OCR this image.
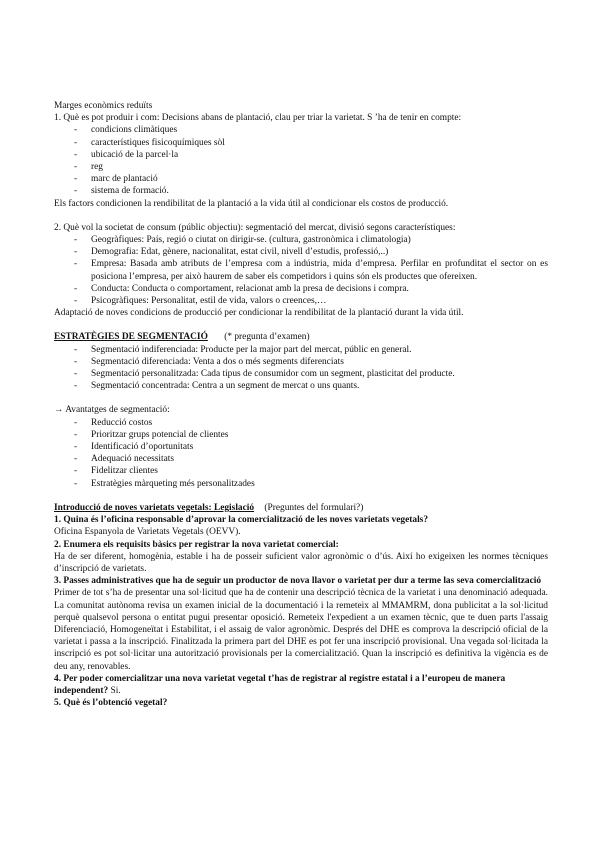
Marges econòmics reduïts

1. Què es pot produir i com: Decisions abans de plantació, clau per triar la varietat. S ’ha de tenir en compte:

- condicions climàtiques
- característiques fisicoquímiques sòl
- ubicació de la parcel·la
- reg
- marc de plantació
- sistema de formació.

Els factors condicionen la rendibilitat de la plantació a la vida útil al condicionar els costos de producció.

2. Què vol la societat de consum (públic objectiu): segmentació del mercat, divisió segons característiques:

- Geogràfiques: País, regió o ciutat on dirigir-se. (cultura, gastronòmica i climatologia)
- Demografia: Edat, gènere, nacionalitat, estat civil, nivell d’estudis, professió,..)
- Empresa: Basada amb atributs de l’empresa com a indústria, mida d’empresa. Perfilar en profunditat el sector on es posiciona l’empresa, per això haurem de saber els competidors i quins són els productes que ofereixen.
- Conducta: Conducta o comportament, relacionat amb la presa de decisions i compra.
- Psicogràfiques: Personalitat, estil de vida, valors o creences,…

Adaptació de noves condicions de producció per condicionar la rendibilitat de la plantació durant la vida útil.

ESTRATÈGIES DE SEGMENTACIÓ (* pregunta d’examen)

- Segmentació indiferenciada: Producte per la major part del mercat, públic en general.
- Segmentació diferenciada: Venta a dos o més segments diferenciats
- Segmentació personalitzada: Cada tipus de consumidor com un segment, plasticitat del producte.
- Segmentació concentrada: Centra a un segment de mercat o uns quants.

→ Avantatges de segmentació:

- Reducció costos
- Prioritzar grups potencial de clientes
- Identificació d’oportunitats
- Adequació necessitats
- Fidelitzar clientes
- Estratègies màrqueting més personalitzades

Introducció de noves varietats vegetals: Legislació (Preguntes del formulari?)

1. Quina és l’oficina responsable d’aprovar la comercialització de les noves varietats vegetals?

Oficina Espanyola de Varietats Vegetals (OEVV).

2. Enumera els requisits bàsics per registrar la nova varietat comercial:

Ha de ser diferent, homogènia, estable i ha de posseir suficient valor agronòmic o d’ús. Així ho exigeixen les normes tècniques d’inscripció de varietats.

3. Passes administratives que ha de seguir un productor de nova llavor o varietat per dur a terme las seva comercialització

Primer de tot s’ha de presentar una sol·licitud que ha de contenir una descripció tècnica de la varietat i una denominació adequada. La comunitat autònoma revisa un examen inicial de la documentació i la remeteix al MMAMRM, dona publicitat a la sol·licitud perquè qualsevol persona o entitat pugui presentar oposició. Remeteix l'expedient a un examen tècnic, que te duen parts l'assaig Diferenciació, Homogeneïtat i Estabilitat, i el assaig de valor agronòmic. Després del DHE es comprova la descripció oficial de la varietat i passa a la inscripció. Finalitzada la primera part del DHE es pot fer una inscripció provisional. Una vegada sol·licitada la inscripció es pot sol·licitar una autorització provisionals per la comercialització. Quan la inscripció es definitiva la vigència es de deu any, renovables.

4. Per poder comercialitzar una nova varietat vegetal t’has de registrar al registre estatal i a l’europeu de manera independent? Si.

5. Què és l’obtenció vegetal?
